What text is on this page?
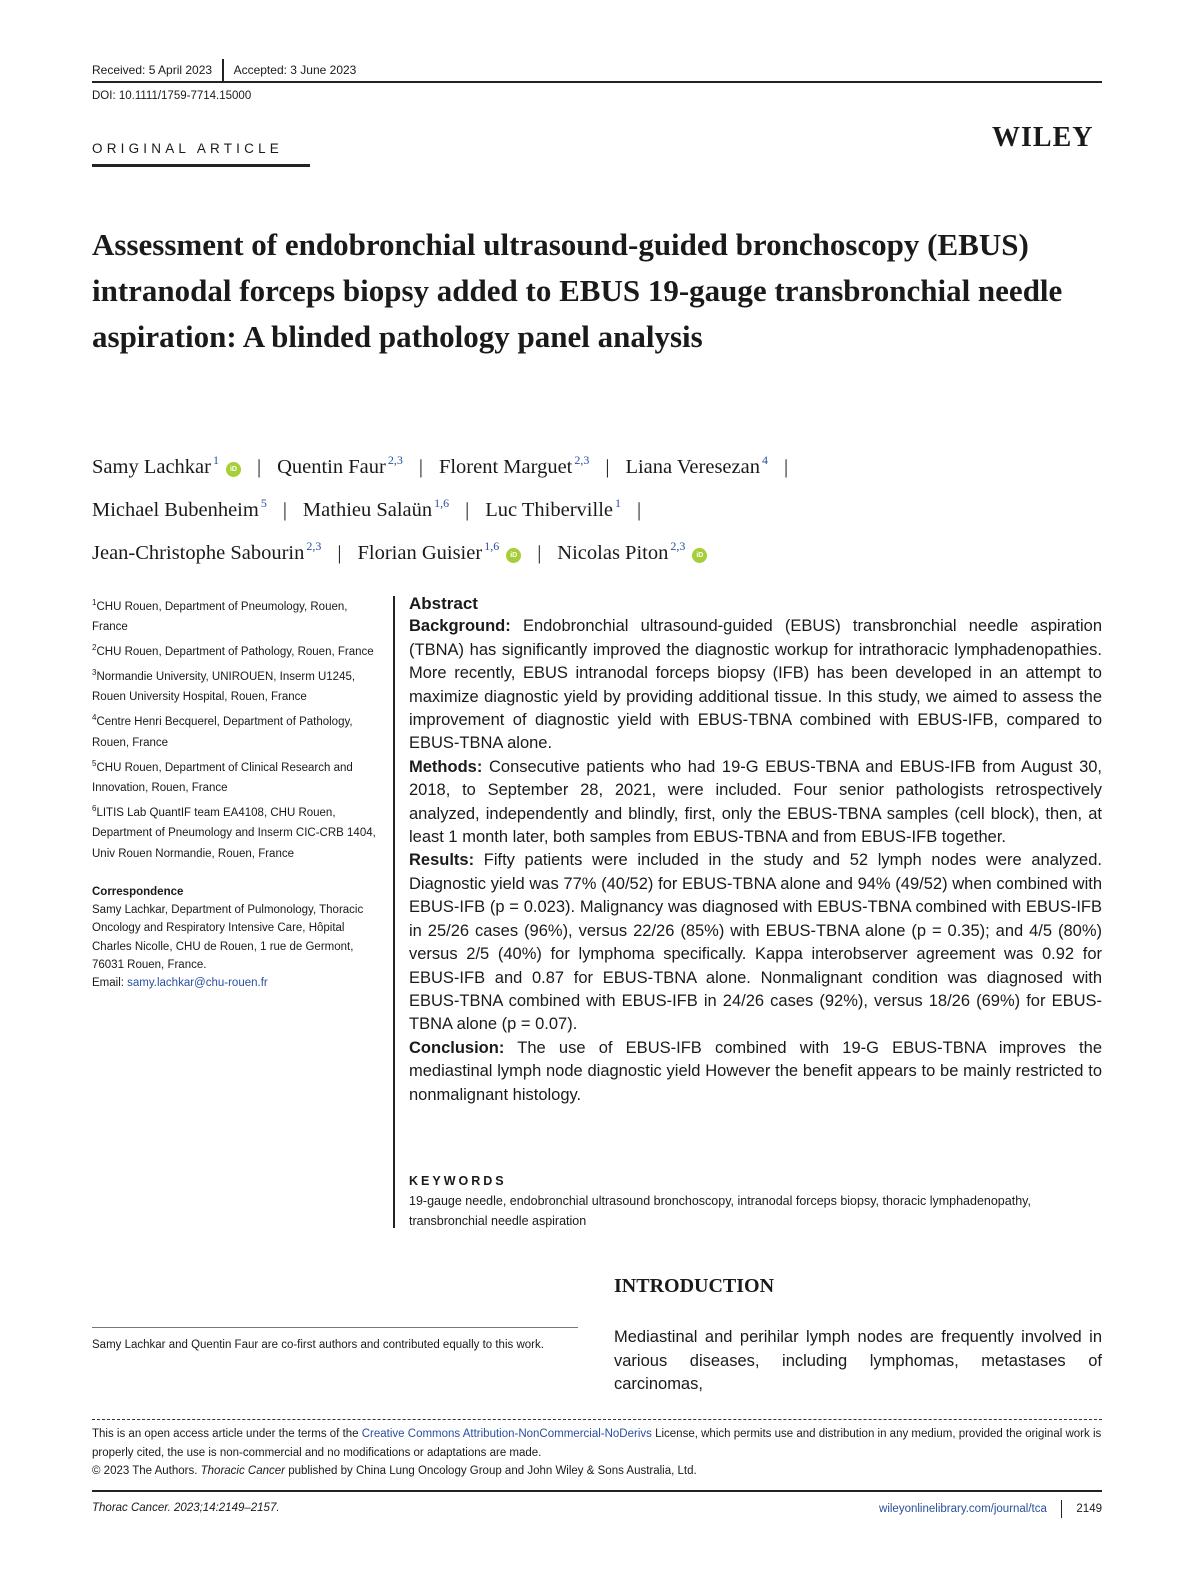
Received: 5 April 2023 Accepted: 3 June 2023
DOI: 10.1111/1759-7714.15000
ORIGINAL ARTICLE	WILEY
Assessment of endobronchial ultrasound-guided bronchoscopy (EBUS) intranodal forceps biopsy added to EBUS 19-gauge transbronchial needle aspiration: A blinded pathology panel analysis
Samy Lachkar $^1$iD | Quentin Faur $^{2,3}$ | Florent Marguet $^{2,3}$ | Liana Veresezan $^4$ |
Michael Bubenheim $^5$ | Mathieu Salaün $^{1,6}$ | Luc Thiberville $^1$ |
Jean-Christophe Sabourin $^{2,3}$ | Florian Guisier $^{1,6}$iD | Nicolas Piton $^{2,3}$iD

$^1$CHU Rouen, Department of Pneumology, Rouen, France

$^2$CHU Rouen, Department of Pathology, Rouen, France

$^3$Normandie University, UNIROUEN, Inserm U1245, Rouen University Hospital, Rouen, France

$^4$Centre Henri Becquerel, Department of Pathology, Rouen, France

$^5$CHU Rouen, Department of Clinical Research and Innovation, Rouen, France

$^6$LITIS Lab QuantIF team EA4108, CHU Rouen, Department of Pneumology and Inserm CIC-CRB 1404, Univ Rouen Normandie, Rouen, France

Correspondence
Samy Lachkar, Department of Pulmonology, Thoracic Oncology and Respiratory Intensive Care, Hôpital Charles Nicolle, CHU de Rouen, 1 rue de Germont, 76031 Rouen, France.
Email: samy.lachkar@chu-rouen.fr

Abstract

Background: Endobronchial ultrasound-guided (EBUS) transbronchial needle aspiration (TBNA) has significantly improved the diagnostic workup for intrathoracic lymphadenopathies. More recently, EBUS intranodal forceps biopsy (IFB) has been developed in an attempt to maximize diagnostic yield by providing additional tissue. In this study, we aimed to assess the improvement of diagnostic yield with EBUS-TBNA combined with EBUS-IFB, compared to EBUS-TBNA alone.

Methods: Consecutive patients who had 19-G EBUS-TBNA and EBUS-IFB from August 30, 2018, to September 28, 2021, were included. Four senior pathologists retrospectively analyzed, independently and blindly, first, only the EBUS-TBNA samples (cell block), then, at least 1 month later, both samples from EBUS-TBNA and from EBUS-IFB together.

Results: Fifty patients were included in the study and 52 lymph nodes were analyzed. Diagnostic yield was 77% (40/52) for EBUS-TBNA alone and 94% (49/52) when combined with EBUS-IFB (p = 0.023). Malignancy was diagnosed with EBUS-TBNA combined with EBUS-IFB in 25/26 cases (96%), versus 22/26 (85%) with EBUS-TBNA alone (p = 0.35); and 4/5 (80%) versus 2/5 (40%) for lymphoma specifically. Kappa interobserver agreement was 0.92 for EBUS-IFB and 0.87 for EBUS-TBNA alone. Nonmalignant condition was diagnosed with EBUS-TBNA combined with EBUS-IFB in 24/26 cases (92%), versus 18/26 (69%) for EBUS-TBNA alone (p = 0.07).

Conclusion: The use of EBUS-IFB combined with 19-G EBUS-TBNA improves the mediastinal lymph node diagnostic yield However the benefit appears to be mainly restricted to nonmalignant histology.

KEYWORDS
19-gauge needle, endobronchial ultrasound bronchoscopy, intranodal forceps biopsy, thoracic lymphadenopathy, transbronchial needle aspiration
INTRODUCTION
Mediastinal and perihilar lymph nodes are frequently involved in various diseases, including lymphomas, metastases of carcinomas,
Samy Lachkar and Quentin Faur are co-first authors and contributed equally to this work.
This is an open access article under the terms of the Creative Commons Attribution-NonCommercial-NoDerivs License, which permits use and distribution in any medium, provided the original work is properly cited, the use is non-commercial and no modifications or adaptations are made.
© 2023 The Authors. Thoracic Cancer published by China Lung Oncology Group and John Wiley & Sons Australia, Ltd.
Thorac Cancer. 2023;14:2149–2157.	wileyonlinelibrary.com/journal/tca	2149
